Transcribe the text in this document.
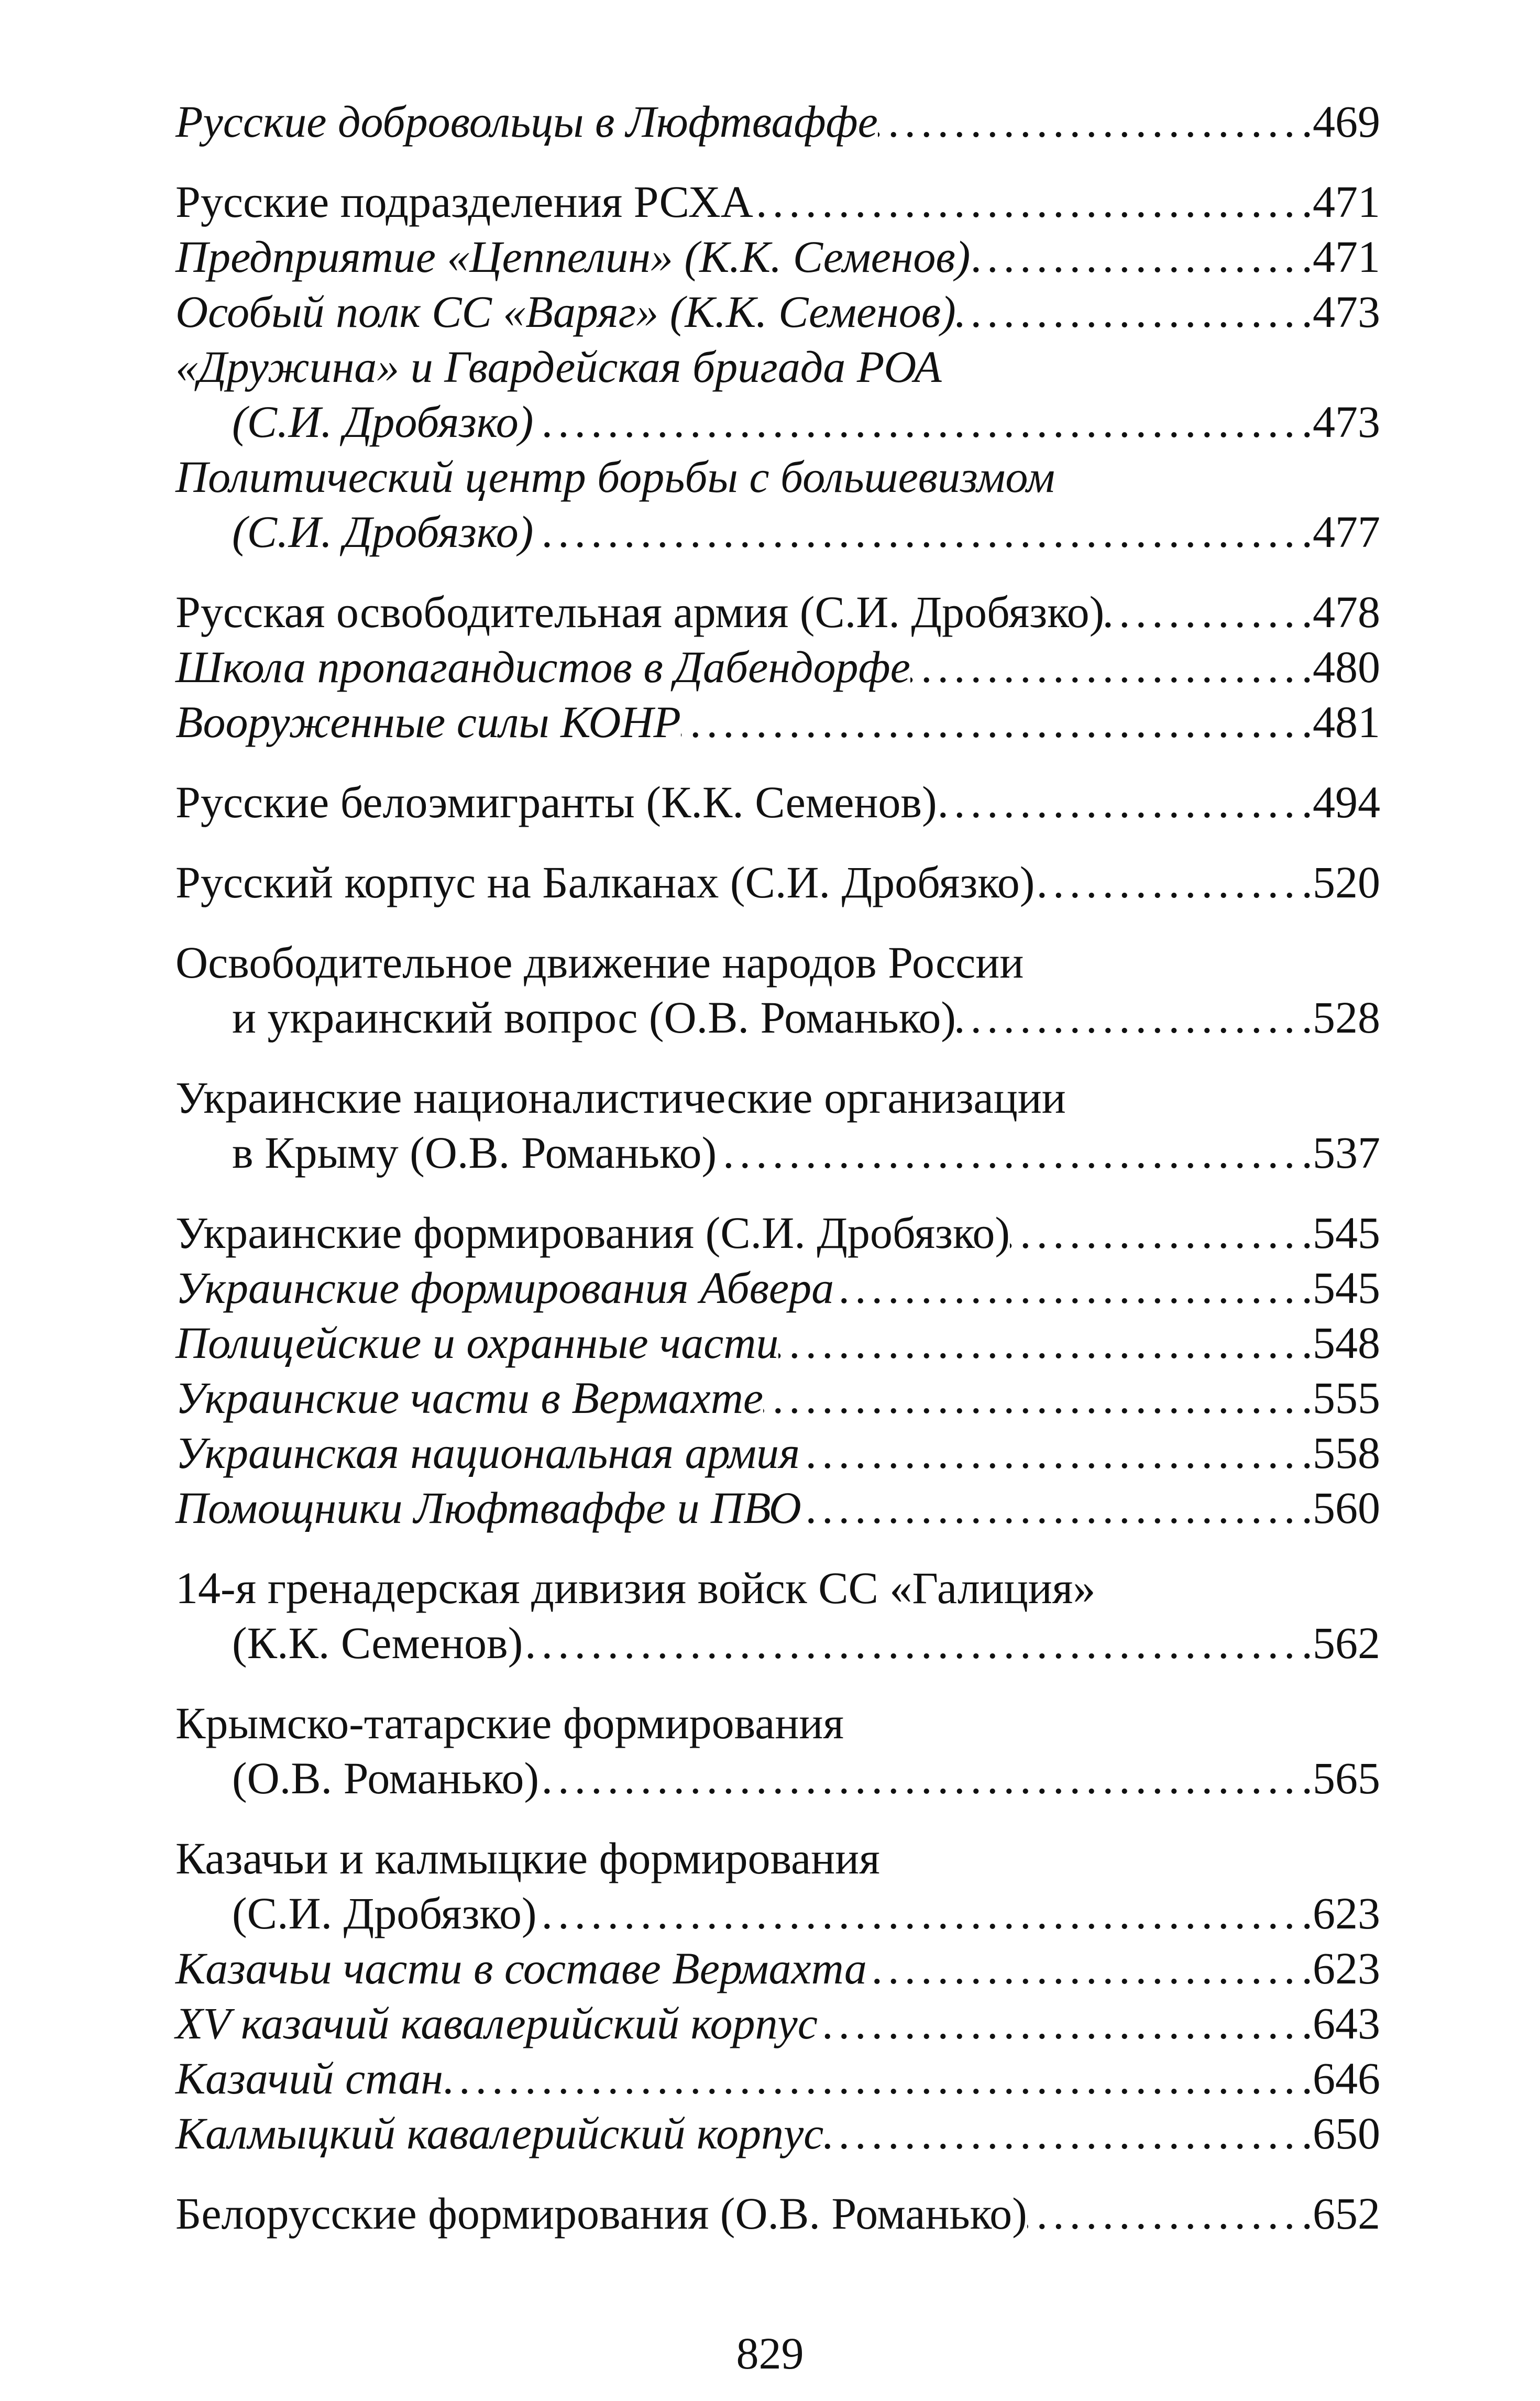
Русские добровольцы в Люфтваффе .....	.469
Русские подразделения РСХА .....	.471
Предприятие «Цеппелин» (К.К. Семенов) .....	.471
Особый полк СС «Варяг» (К.К. Семенов) .....	.473
«Дружина» и Гвардейская бригада РОА
(С.И. Дробязко) .....	.473
Политический центр борьбы с большевизмом
(С.И. Дробязко) .....	.477
Русская освободительная армия (С.И. Дробязко) .....	.478
Школа пропагандистов в Дабендорфе .....	.480
Вооруженные силы КОНР .....	.481
Русские белоэмигранты (К.К. Семенов) .....	.494
Русский корпус на Балканах (С.И. Дробязко) .....	.520
Освободительное движение народов России
и украинский вопрос (О.В. Романько) .....	.528
Украинские националистические организации
в Крыму (О.В. Романько) .....	.537
Украинские формирования (С.И. Дробязко) .....	.545
Украинские формирования Абвера .....	.545
Полицейские и охранные части .....	.548
Украинские части в Вермахте .....	.555
Украинская национальная армия .....	.558
Помощники Люфтваффе и ПВО .....	.560
14-я гренадерская дивизия войск СС «Галиция»
(К.К. Семенов) .....	.562
Крымско-татарские формирования
(О.В. Романько) .....	.565
Казачьи и калмыцкие формирования
(С.И. Дробязко) .....	.623
Казачьи части в составе Вермахта .....	.623
XV казачий кавалерийский корпус .....	.643
Казачий стан .....	.646
Калмыцкий кавалерийский корпус .....	.650
Белорусские формирования (О.В. Романько) .....	.652
829
